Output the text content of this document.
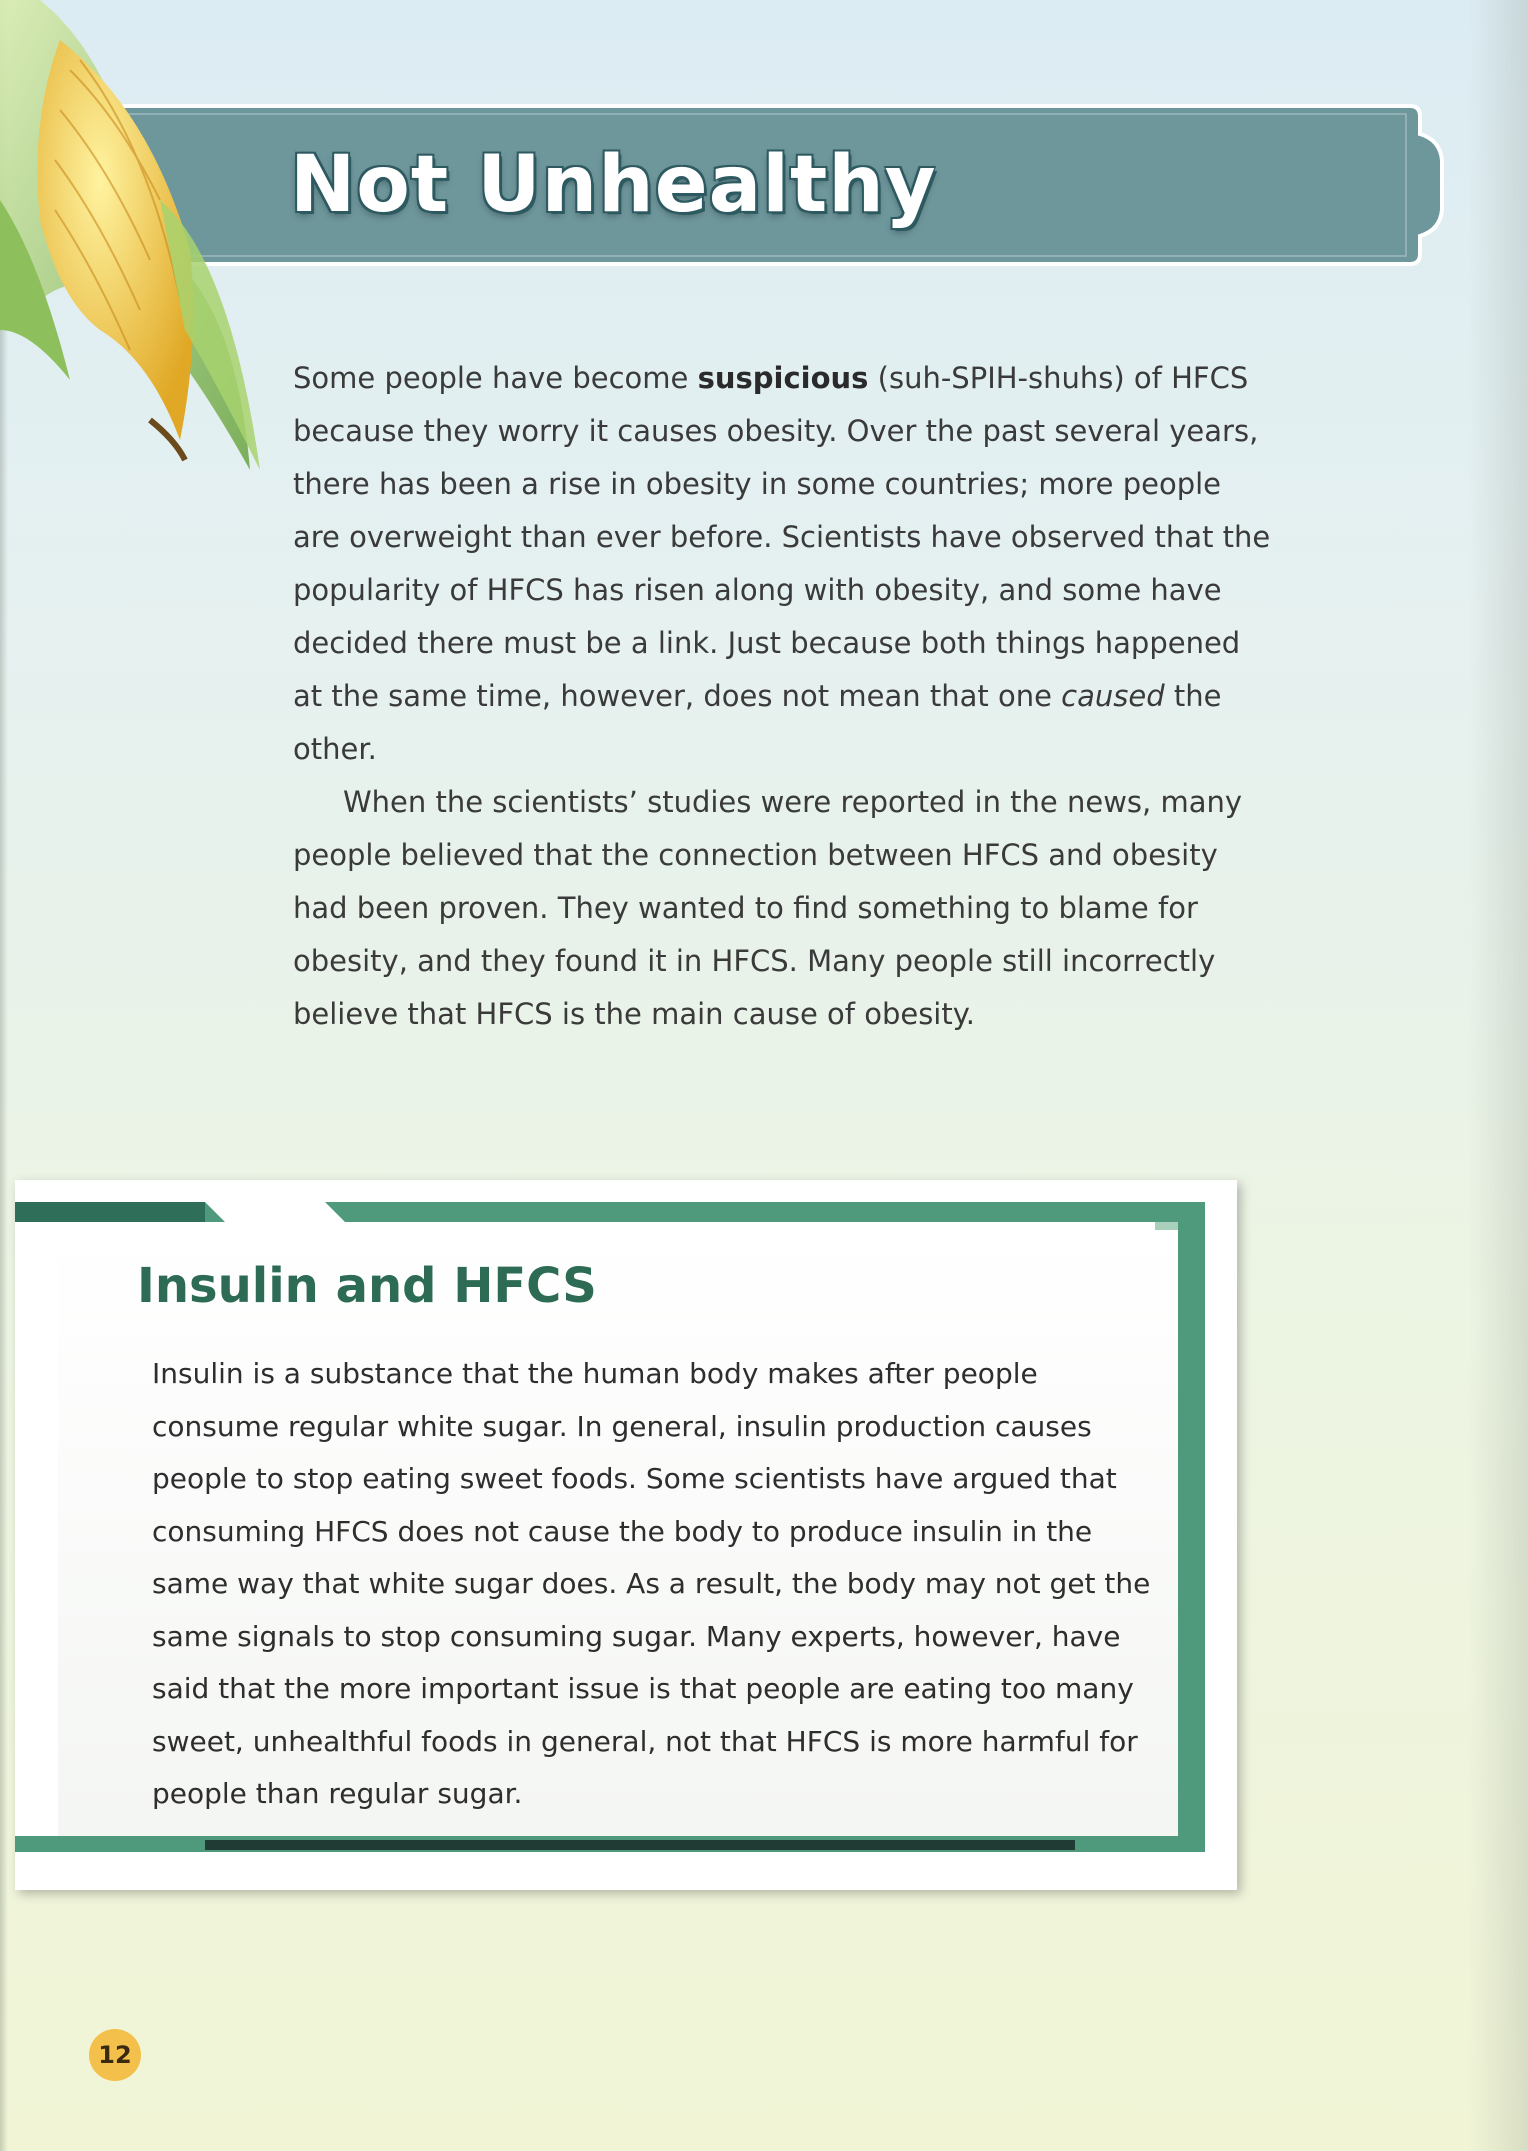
Not Unhealthy

Some people have become suspicious (suh-SPIH-shuhs) of HFCS because they worry it causes obesity. Over the past several years, there has been a rise in obesity in some countries; more people are overweight than ever before. Scientists have observed that the popularity of HFCS has risen along with obesity, and some have decided there must be a link. Just because both things happened at the same time, however, does not mean that one caused the other.

When the scientists’ studies were reported in the news, many people believed that the connection between HFCS and obesity had been proven. They wanted to find something to blame for obesity, and they found it in HFCS. Many people still incorrectly believe that HFCS is the main cause of obesity.

Insulin and HFCS

Insulin is a substance that the human body makes after people consume regular white sugar. In general, insulin production causes people to stop eating sweet foods. Some scientists have argued that consuming HFCS does not cause the body to produce insulin in the same way that white sugar does. As a result, the body may not get the same signals to stop consuming sugar. Many experts, however, have said that the more important issue is that people are eating too many sweet, unhealthful foods in general, not that HFCS is more harmful for people than regular sugar.

12
